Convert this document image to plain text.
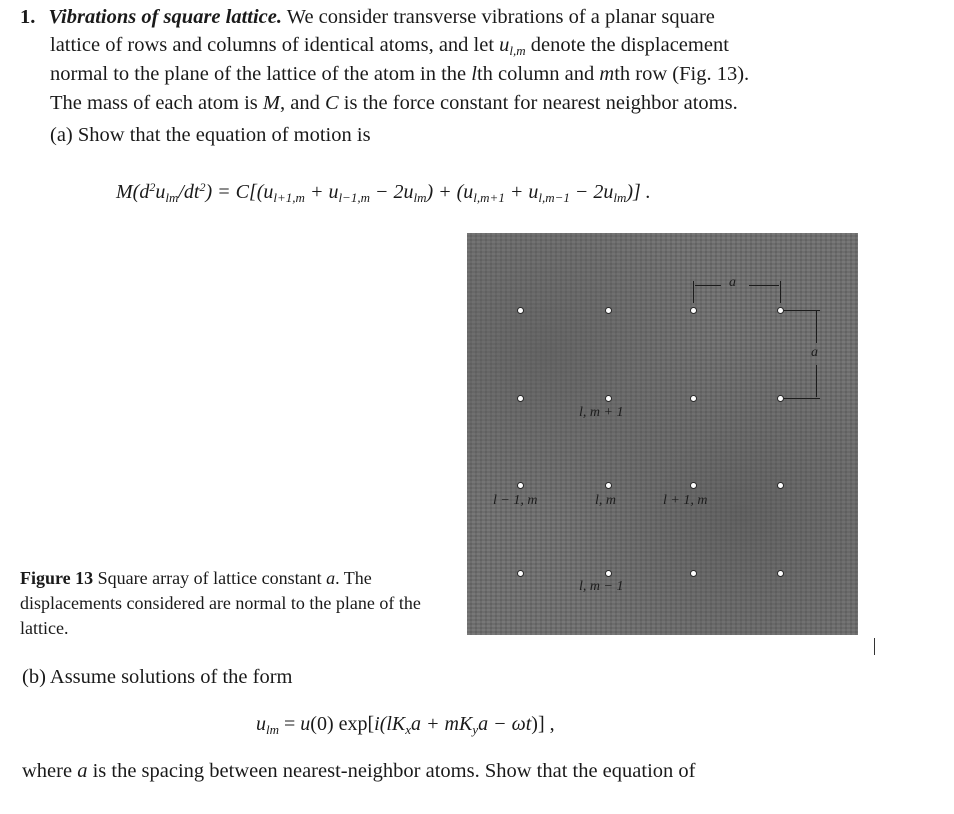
1. Vibrations of square lattice. We consider transverse vibrations of a planar square
lattice of rows and columns of identical atoms, and let $u_{l,m}$ denote the displacement
normal to the plane of the lattice of the atom in the lth column and mth row (Fig. 13).
The mass of each atom is M, and C is the force constant for nearest neighbor atoms.
(a) Show that the equation of motion is
$M(d^2u_{lm}/dt^2) = C[(u_{l+1,m} + u_{l-1,m} - 2u_{lm}) + (u_{l,m+1} + u_{l,m-1} - 2u_{lm})]$ .
a
a
l, m + 1
l − 1, m	l, m	l + 1, m
l, m − 1
Figure 13 Square array of lattice constant a. The displacements considered are normal to the plane of the lattice.
(b) Assume solutions of the form
$u_{lm} = u(0) \exp[i(lK_xa + mK_ya - \omega t)]$ ,
where a is the spacing between nearest-neighbor atoms. Show that the equation of
